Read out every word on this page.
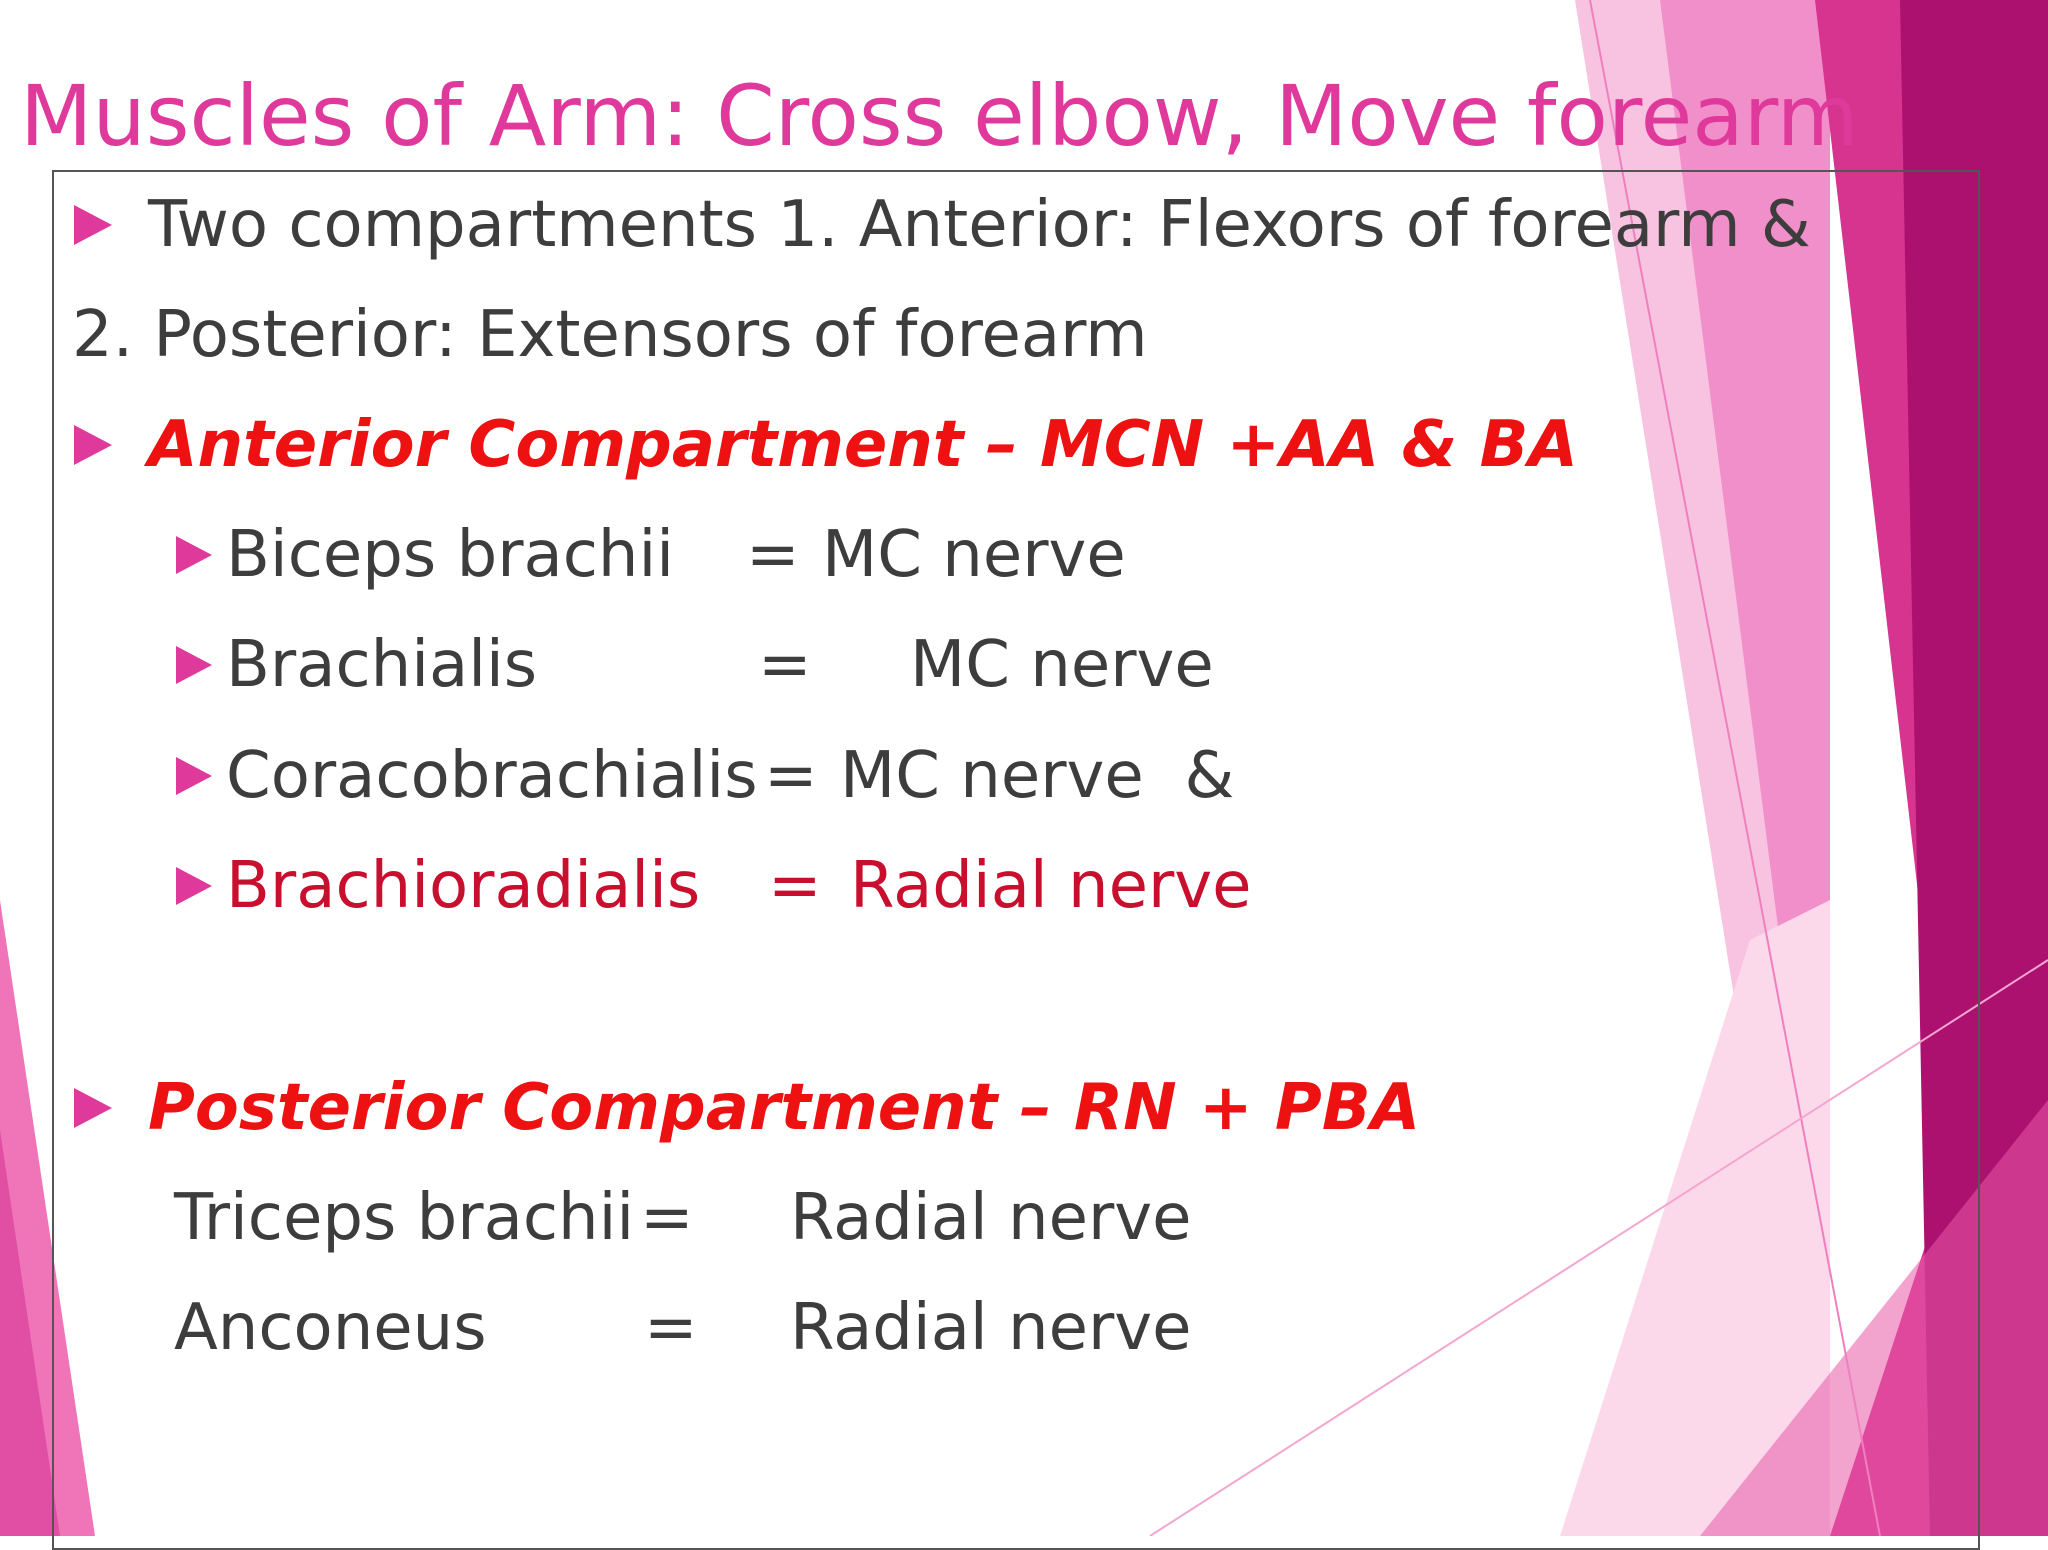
Muscles of Arm: Cross elbow, Move forearm
Two compartments 1. Anterior: Flexors of forearm &
2. Posterior: Extensors of forearm
Anterior Compartment – MCN +AA & BA
Biceps brachii = MC nerve
Brachialis	= MC nerve
Coracobrachialis = MC nerve  &
Brachioradialis = Radial nerve
Posterior Compartment – RN + PBA
Triceps brachii = Radial nerve
Anconeus = Radial nerve
